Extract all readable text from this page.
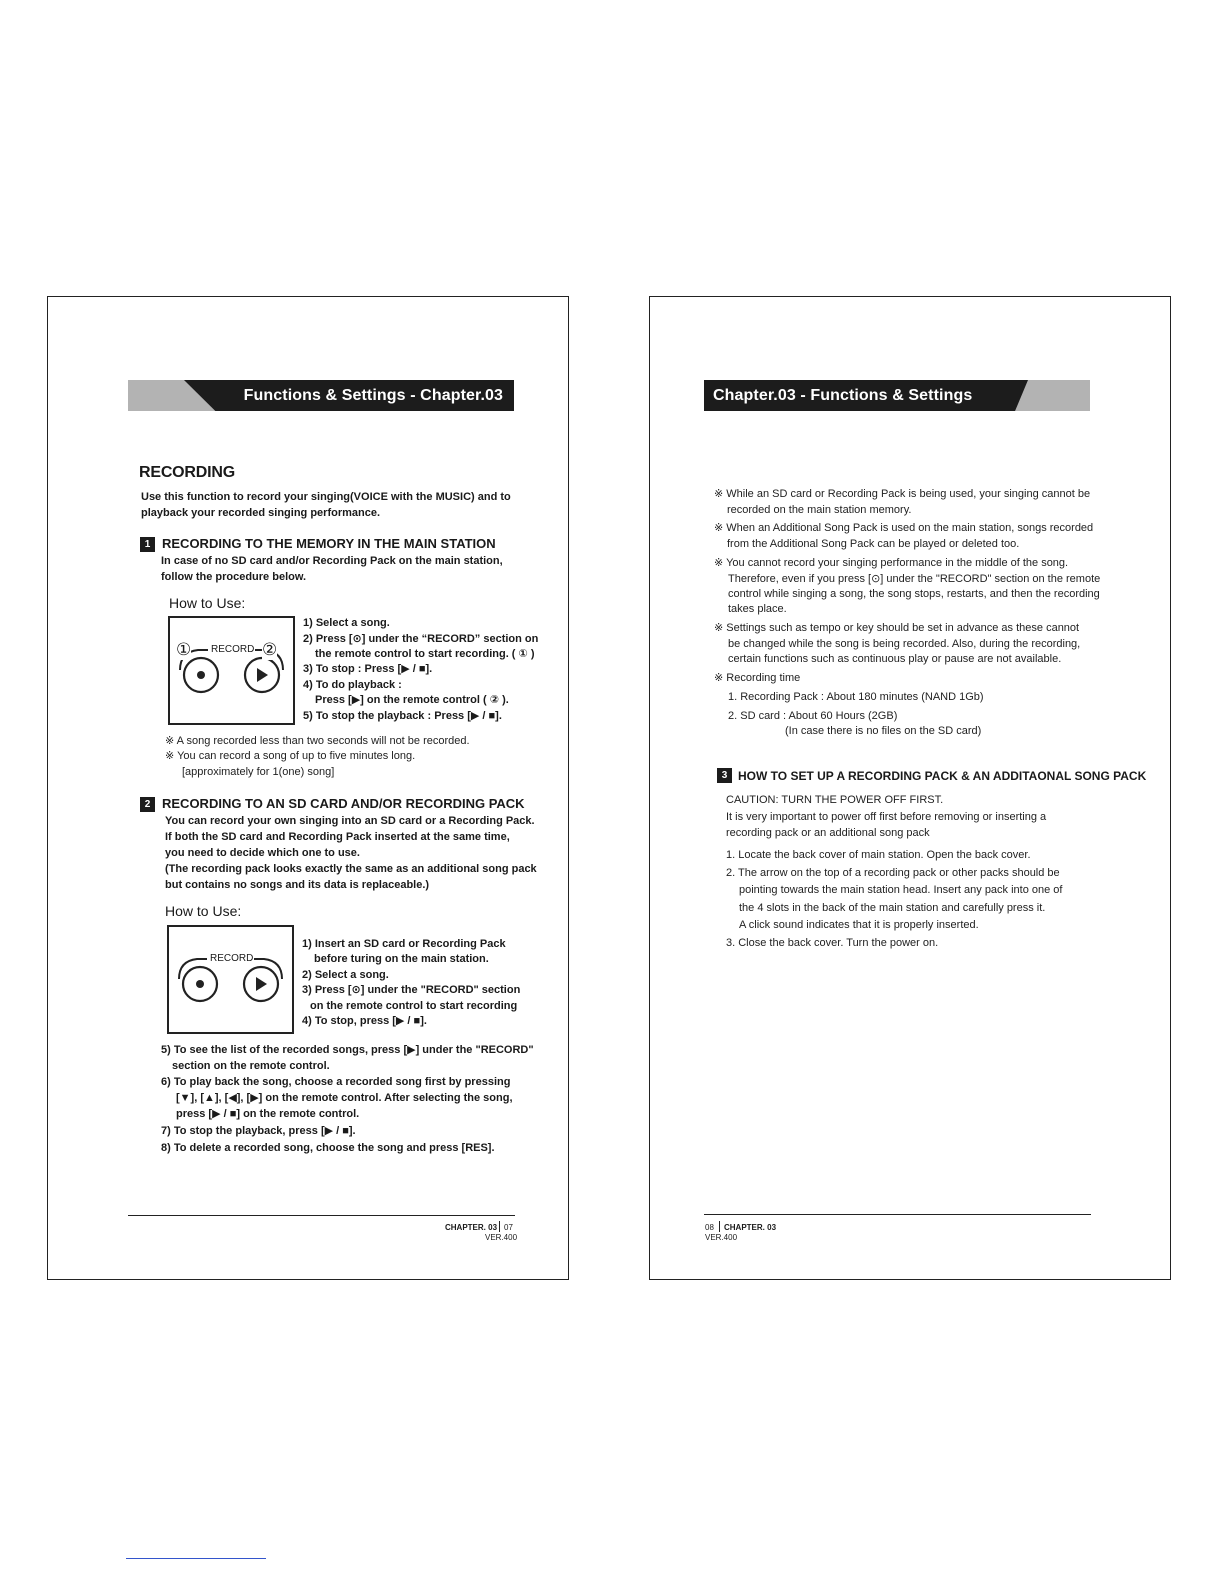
Functions & Settings - Chapter.03
RECORDING
Use this function to record your singing(VOICE with the MUSIC) and to
playback your recorded singing performance.
1 RECORDING TO THE MEMORY IN THE MAIN STATION
In case of no SD card and/or Recording Pack on the main station,
follow the procedure below.
How to Use:
RECORD
①	②
1) Select a song.
2) Press [⊙] under the “RECORD” section on
the remote control to start recording. ( ① )
3) To stop : Press [▶ / ■].
4) To do playback :
Press [▶] on the remote control ( ② ).
5) To stop the playback : Press [▶ / ■].
※ A song recorded less than two seconds will not be recorded.
※ You can record a song of up to five minutes long.
[approximately for 1(one) song]
2 RECORDING TO AN SD CARD AND/OR RECORDING PACK
You can record your own singing into an SD card or a Recording Pack.
If both the SD card and Recording Pack inserted at the same time,
you need to decide which one to use.
(The recording pack looks exactly the same as an additional song pack
but contains no songs and its data is replaceable.)
How to Use:
RECORD
1) Insert an SD card or Recording Pack
before turing on the main station.
2) Select a song.
3) Press [⊙] under the "RECORD" section
on the remote control to start recording
4) To stop, press [▶ / ■].
5) To see the list of the recorded songs, press [▶] under the "RECORD"
section on the remote control.
6) To play back the song, choose a recorded song first by pressing
[▼], [▲], [◀], [▶] on the remote control. After selecting the song,
press [▶ / ■] on the remote control.
7) To stop the playback, press [▶ / ■].
8) To delete a recorded song, choose the song and press [RES].
CHAPTER. 03 07
VER.400
Chapter.03 - Functions & Settings
※ While an SD card or Recording Pack is being used, your singing cannot be
recorded on the main station memory.
※ When an Additional Song Pack is used on the main station, songs recorded
from the Additional Song Pack can be played or deleted too.
※ You cannot record your singing performance in the middle of the song.
Therefore, even if you press [⊙] under the "RECORD" section on the remote
control while singing a song, the song stops, restarts, and then the recording
takes place.
※ Settings such as tempo or key should be set in advance as these cannot
be changed while the song is being recorded. Also, during the recording,
certain functions such as continuous play or pause are not available.
※ Recording time
1. Recording Pack : About 180 minutes (NAND 1Gb)
2. SD card : About 60 Hours (2GB)
(In case there is no files on the SD card)
3 HOW TO SET UP A RECORDING PACK & AN ADDITAONAL SONG PACK
CAUTION: TURN THE POWER OFF FIRST.
It is very important to power off first before removing or inserting a
recording pack or an additional song pack
1. Locate the back cover of main station. Open the back cover.
2. The arrow on the top of a recording pack or other packs should be
pointing towards the main station head. Insert any pack into one of
the 4 slots in the back of the main station and carefully press it.
A click sound indicates that it is properly inserted.
3. Close the back cover. Turn the power on.
08 CHAPTER. 03
VER.400
